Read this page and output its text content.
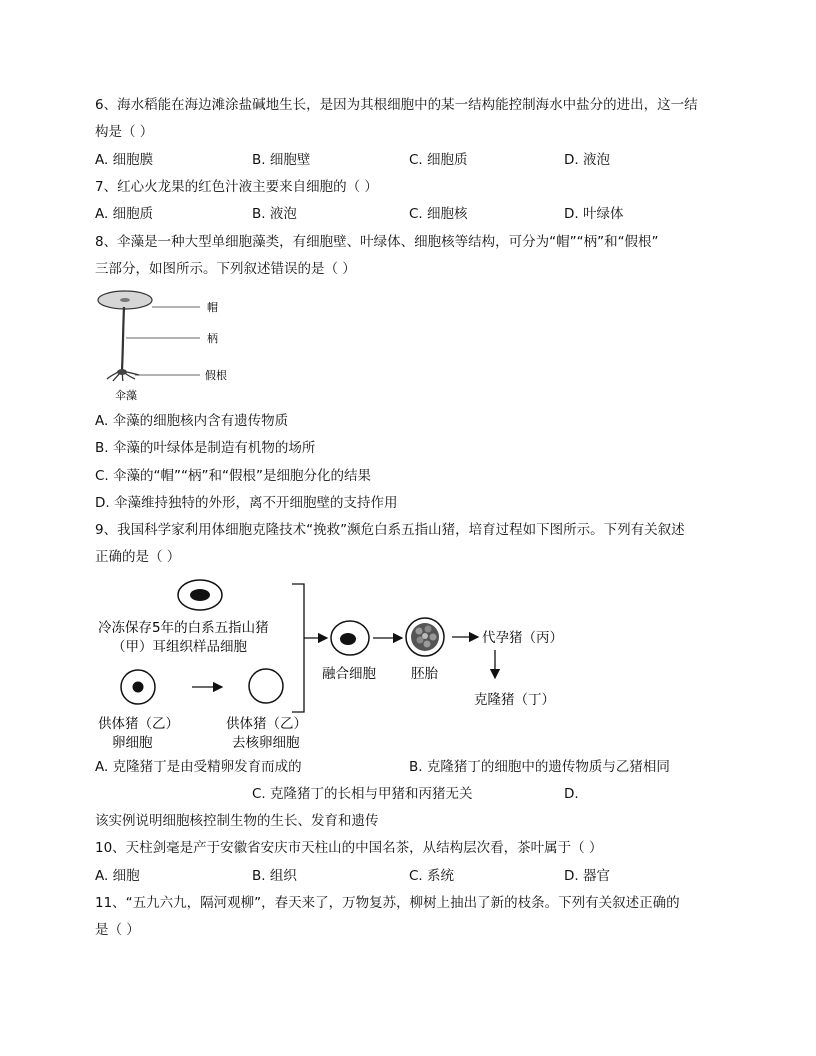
6、海水稻能在海边滩涂盐碱地生长，是因为其根细胞中的某一结构能控制海水中盐分的进出，这一结
构是（ ）
A. 细胞膜	B. 细胞壁	C. 细胞质	D. 液泡
7、红心火龙果的红色汁液主要来自细胞的（ ）
A. 细胞质	B. 液泡	C. 细胞核	D. 叶绿体
8、伞藻是一种大型单细胞藻类，有细胞壁、叶绿体、细胞核等结构，可分为“帽”“柄”和“假根”
三部分，如图所示。下列叙述错误的是（ ）
帽
柄
假根
伞藻
A. 伞藻的细胞核内含有遗传物质
B. 伞藻的叶绿体是制造有机物的场所
C. 伞藻的“帽”“柄”和“假根”是细胞分化的结果
D. 伞藻维持独特的外形，离不开细胞壁的支持作用
9、我国科学家利用体细胞克隆技术“挽救”濒危白系五指山猪，培育过程如下图所示。下列有关叙述
正确的是（ ）
冷冻保存5年的白系五指山猪
（甲）耳组织样品细胞
供体猪（乙）
卵细胞
供体猪（乙）
去核卵细胞
融合细胞	胚胎
代孕猪（丙）
克隆猪（丁）
A. 克隆猪丁是由受精卵发育而成的	B. 克隆猪丁的细胞中的遗传物质与乙猪相同
C. 克隆猪丁的长相与甲猪和丙猪无关	D.
该实例说明细胞核控制生物的生长、发育和遗传
10、天柱剑毫是产于安徽省安庆市天柱山的中国名茶，从结构层次看，茶叶属于（ ）
A. 细胞	B. 组织	C. 系统	D. 器官
11、“五九六九，隔河观柳”，春天来了，万物复苏，柳树上抽出了新的枝条。下列有关叙述正确的
是（ ）
